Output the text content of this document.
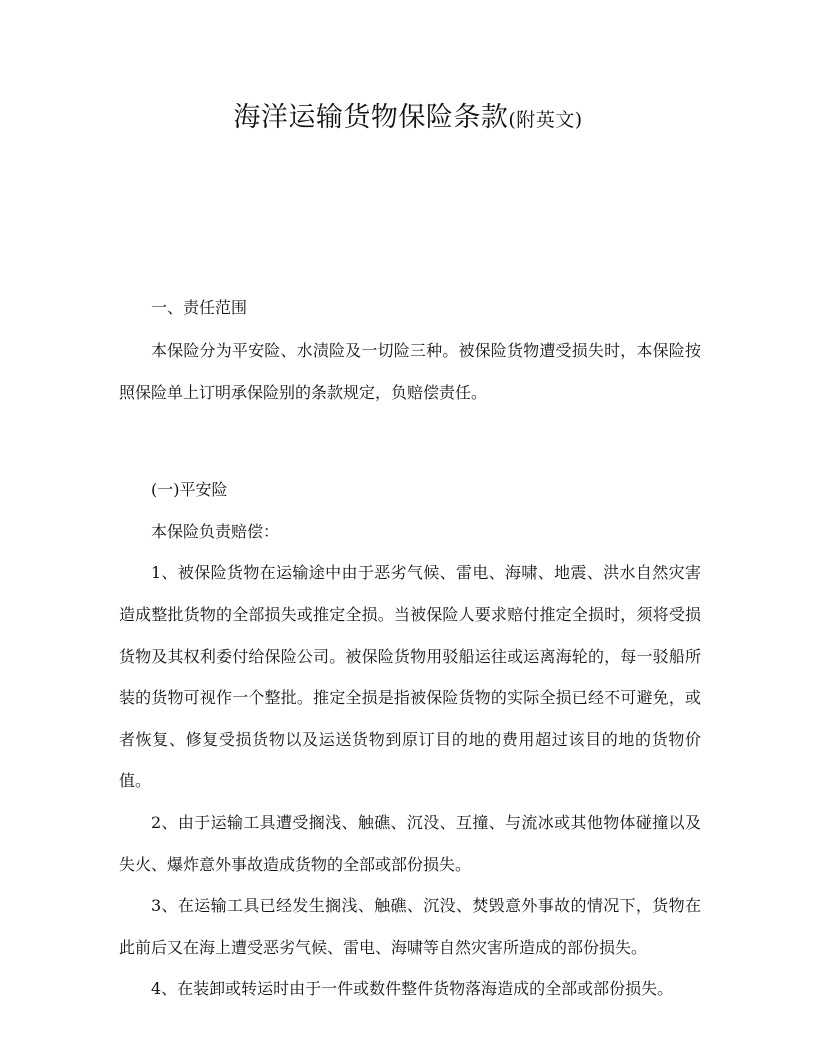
海洋运输货物保险条款(附英文)

一、责任范围

本保险分为平安险、水渍险及一切险三种。被保险货物遭受损失时，本保险按照保险单上订明承保险别的条款规定，负赔偿责任。

(一)平安险

本保险负责赔偿：

1、被保险货物在运输途中由于恶劣气候、雷电、海啸、地震、洪水自然灾害造成整批货物的全部损失或推定全损。当被保险人要求赔付推定全损时，须将受损货物及其权利委付给保险公司。被保险货物用驳船运往或运离海轮的，每一驳船所装的货物可视作一个整批。推定全损是指被保险货物的实际全损已经不可避免，或者恢复、修复受损货物以及运送货物到原订目的地的费用超过该目的地的货物价值。

2、由于运输工具遭受搁浅、触礁、沉没、互撞、与流冰或其他物体碰撞以及失火、爆炸意外事故造成货物的全部或部份损失。

3、在运输工具已经发生搁浅、触礁、沉没、焚毁意外事故的情况下，货物在此前后又在海上遭受恶劣气候、雷电、海啸等自然灾害所造成的部份损失。

4、在装卸或转运时由于一件或数件整件货物落海造成的全部或部份损失。
